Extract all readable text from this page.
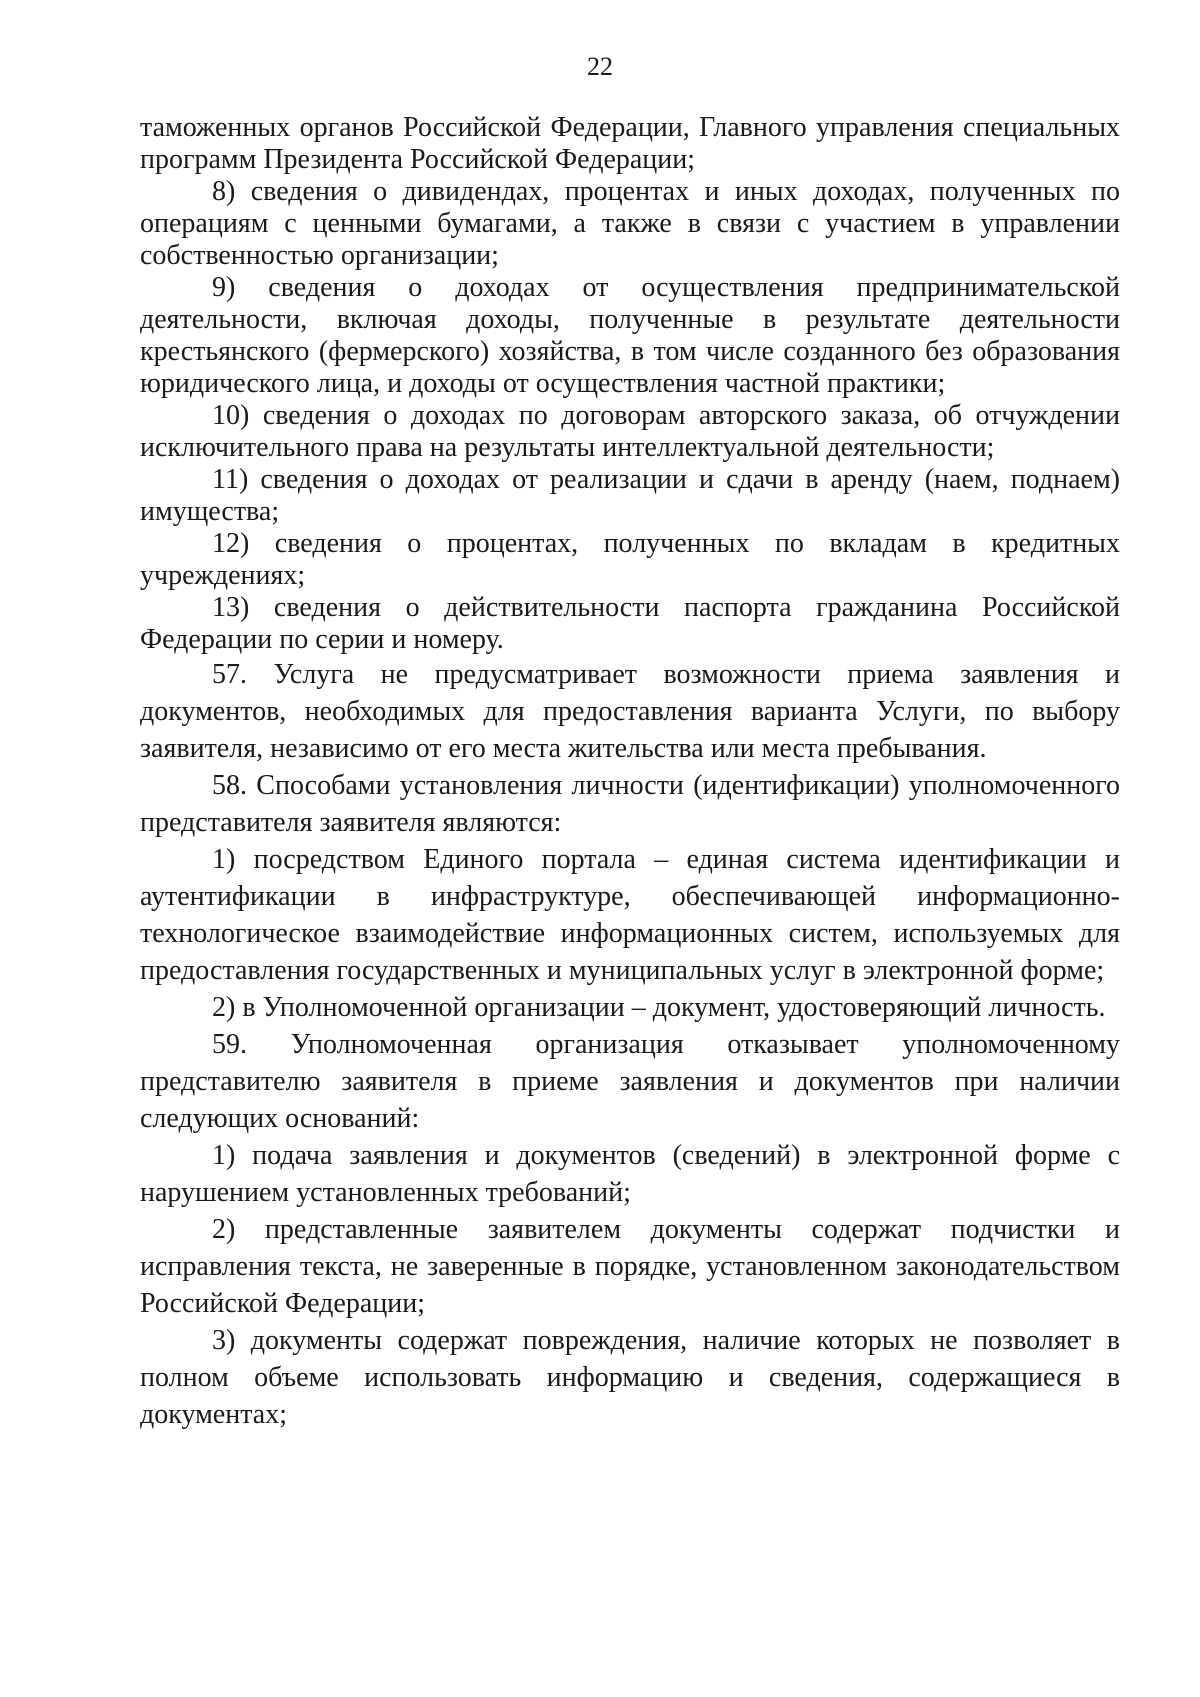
22

таможенных органов Российской Федерации, Главного управления специальных программ Президента Российской Федерации;

8) сведения о дивидендах, процентах и иных доходах, полученных по операциям с ценными бумагами, а также в связи с участием в управлении собственностью организации;

9) сведения о доходах от осуществления предпринимательской деятельности, включая доходы, полученные в результате деятельности крестьянского (фермерского) хозяйства, в том числе созданного без образования юридического лица, и доходы от осуществления частной практики;

10) сведения о доходах по договорам авторского заказа, об отчуждении исключительного права на результаты интеллектуальной деятельности;

11) сведения о доходах от реализации и сдачи в аренду (наем, поднаем) имущества;

12) сведения о процентах, полученных по вкладам в кредитных учреждениях;

13) сведения о действительности паспорта гражданина Российской Федерации по серии и номеру.

57. Услуга не предусматривает возможности приема заявления и документов, необходимых для предоставления варианта Услуги, по выбору заявителя, независимо от его места жительства или места пребывания.

58. Способами установления личности (идентификации) уполномоченного представителя заявителя являются:

1) посредством Единого портала – единая система идентификации и аутентификации в инфраструктуре, обеспечивающей информационно-технологическое взаимодействие информационных систем, используемых для предоставления государственных и муниципальных услуг в электронной форме;

2) в Уполномоченной организации – документ, удостоверяющий личность.

59. Уполномоченная организация отказывает уполномоченному представителю заявителя в приеме заявления и документов при наличии следующих оснований:

1) подача заявления и документов (сведений) в электронной форме с нарушением установленных требований;

2) представленные заявителем документы содержат подчистки и исправления текста, не заверенные в порядке, установленном законодательством Российской Федерации;

3) документы содержат повреждения, наличие которых не позволяет в полном объеме использовать информацию и сведения, содержащиеся в документах;
